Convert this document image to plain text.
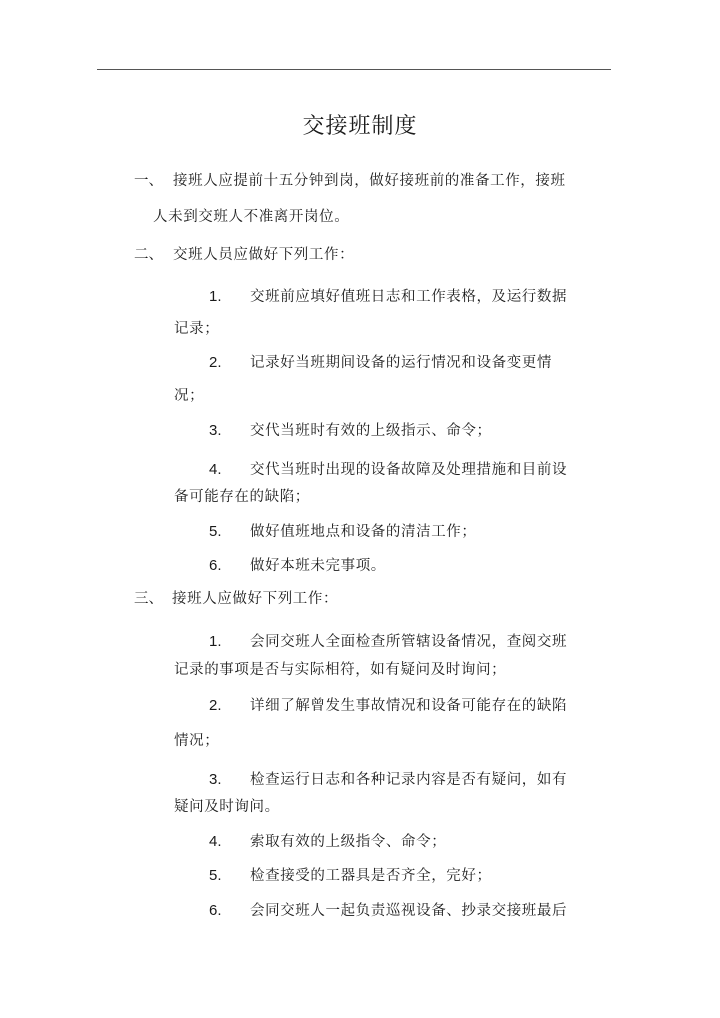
交接班制度
一、 接班人应提前十五分钟到岗，做好接班前的准备工作，接班
人未到交班人不准离开岗位。
二、 交班人员应做好下列工作：
1. 交班前应填好值班日志和工作表格，及运行数据
记录；
2. 记录好当班期间设备的运行情况和设备变更情
况；
3. 交代当班时有效的上级指示、命令；
4. 交代当班时出现的设备故障及处理措施和目前设
备可能存在的缺陷；
5. 做好值班地点和设备的清洁工作；
6. 做好本班未完事项。
三、 接班人应做好下列工作：
1. 会同交班人全面检查所管辖设备情况，查阅交班
记录的事项是否与实际相符，如有疑问及时询问；
2. 详细了解曾发生事故情况和设备可能存在的缺陷
情况；
3. 检查运行日志和各种记录内容是否有疑问，如有
疑问及时询问。
4. 索取有效的上级指令、命令；
5. 检查接受的工器具是否齐全，完好；
6. 会同交班人一起负责巡视设备、抄录交接班最后
